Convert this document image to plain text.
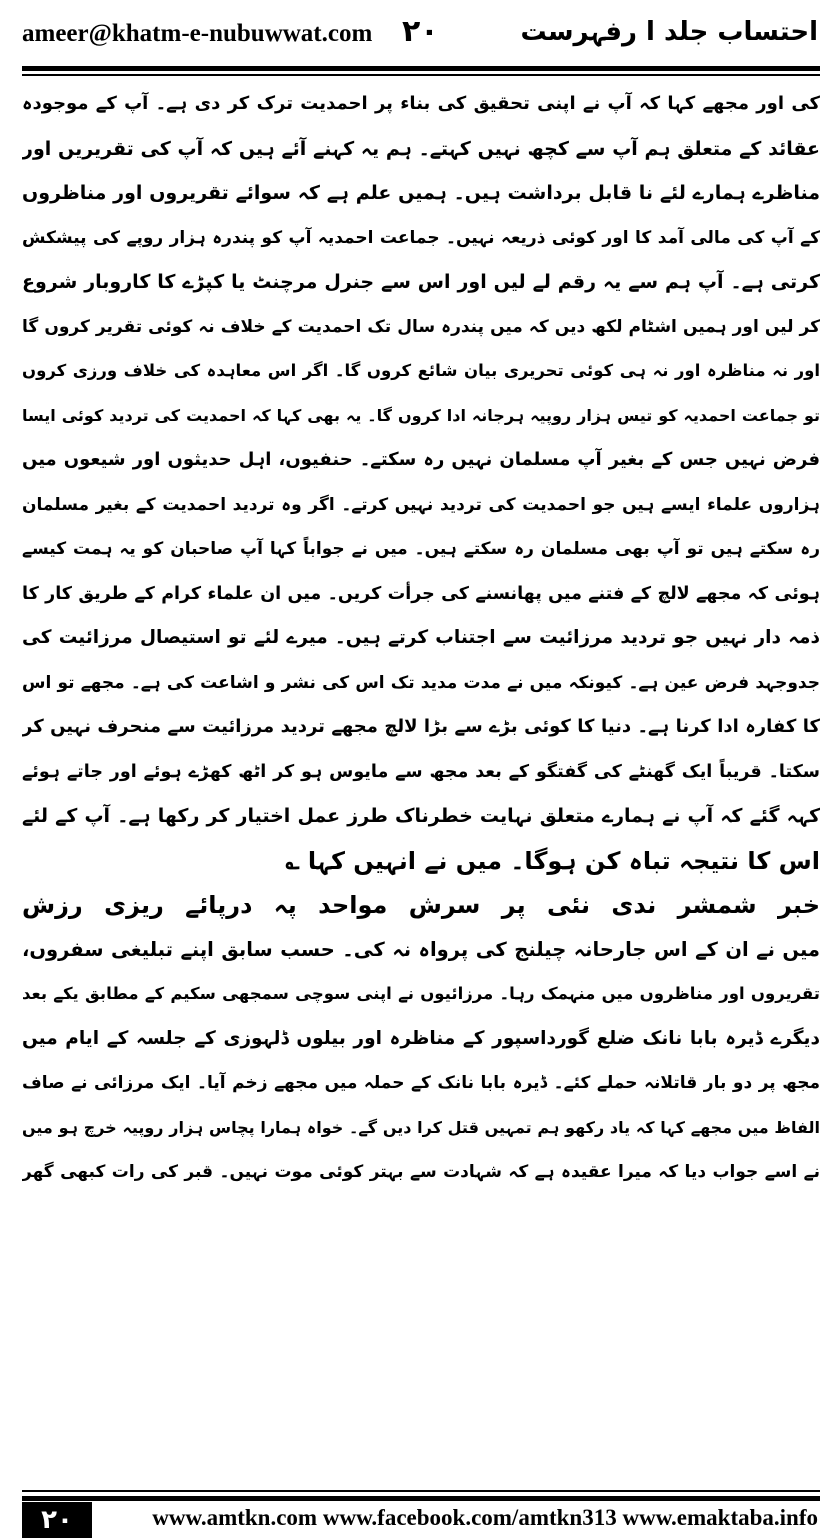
ameer@khatm-e-nubuwwat.com ۲۰	احتساب جلد ا رفہرست
کی اور مجھے کہا کہ آپ نے اپنی تحقیق کی بناء پر احمدیت ترک کر دی ہے۔ آپ کے موجودہ
عقائد کے متعلق ہم آپ سے کچھ نہیں کہتے۔ ہم یہ کہنے آئے ہیں کہ آپ کی تقریریں اور
مناظرے ہمارے لئے نا قابل برداشت ہیں۔ ہمیں علم ہے کہ سوائے تقریروں اور مناظروں
کے آپ کی مالی آمد کا اور کوئی ذریعہ نہیں۔ جماعت احمدیہ آپ کو پندرہ ہزار روپے کی پیشکش
کرتی ہے۔ آپ ہم سے یہ رقم لے لیں اور اس سے جنرل مرچنٹ یا کپڑے کا کاروبار شروع
کر لیں اور ہمیں اشٹام لکھ دیں کہ میں پندرہ سال تک احمدیت کے خلاف نہ کوئی تقریر کروں گا
اور نہ مناظرہ اور نہ ہی کوئی تحریری بیان شائع کروں گا۔ اگر اس معاہدہ کی خلاف ورزی کروں
تو جماعت احمدیہ کو تیس ہزار روپیہ ہرجانہ ادا کروں گا۔ یہ بھی کہا کہ احمدیت کی تردید کوئی ایسا
فرض نہیں جس کے بغیر آپ مسلمان نہیں رہ سکتے۔ حنفیوں، اہل حدیثوں اور شیعوں میں
ہزاروں علماء ایسے ہیں جو احمدیت کی تردید نہیں کرتے۔ اگر وہ تردید احمدیت کے بغیر مسلمان
رہ سکتے ہیں تو آپ بھی مسلمان رہ سکتے ہیں۔ میں نے جواباً کہا آپ صاحبان کو یہ ہمت کیسے
ہوئی کہ مجھے لالچ کے فتنے میں پھانسنے کی جرأت کریں۔ میں ان علماء کرام کے طریق کار کا
ذمہ دار نہیں جو تردید مرزائیت سے اجتناب کرتے ہیں۔ میرے لئے تو استیصال مرزائیت کی
جدوجہد فرض عین ہے۔ کیونکہ میں نے مدت مدید تک اس کی نشر و اشاعت کی ہے۔ مجھے تو اس
کا کفارہ ادا کرنا ہے۔ دنیا کا کوئی بڑے سے بڑا لالچ مجھے تردید مرزائیت سے منحرف نہیں کر
سکتا۔ قریباً ایک گھنٹے کی گفتگو کے بعد مجھ سے مایوس ہو کر اٹھ کھڑے ہوئے اور جاتے ہوئے
کہہ گئے کہ آپ نے ہمارے متعلق نہایت خطرناک طرز عمل اختیار کر رکھا ہے۔ آپ کے لئے
اس کا نتیجہ تباہ کن ہوگا۔ میں نے انہیں کہا ؎
خبر شمشر ندی نئی پر سرش مواحد پہ درپائے ریزی رزش
میں نے ان کے اس جارحانہ چیلنج کی پرواہ نہ کی۔ حسب سابق اپنے تبلیغی سفروں،
تقریروں اور مناظروں میں منہمک رہا۔ مرزائیوں نے اپنی سوچی سمجھی سکیم کے مطابق یکے بعد
دیگرے ڈیرہ بابا نانک ضلع گورداسپور کے مناظرہ اور بیلوں ڈلہوزی کے جلسہ کے ایام میں
مجھ پر دو بار قاتلانہ حملے کئے۔ ڈیرہ بابا نانک کے حملہ میں مجھے زخم آیا۔ ایک مرزائی نے صاف
الفاظ میں مجھے کہا کہ یاد رکھو ہم تمہیں قتل کرا دیں گے۔ خواہ ہمارا پچاس ہزار روپیہ خرچ ہو میں
نے اسے جواب دیا کہ میرا عقیدہ ہے کہ شہادت سے بہتر کوئی موت نہیں۔ قبر کی رات کبھی گھر
۲۰	www.amtkn.com www.facebook.com/amtkn313 www.emaktaba.info
